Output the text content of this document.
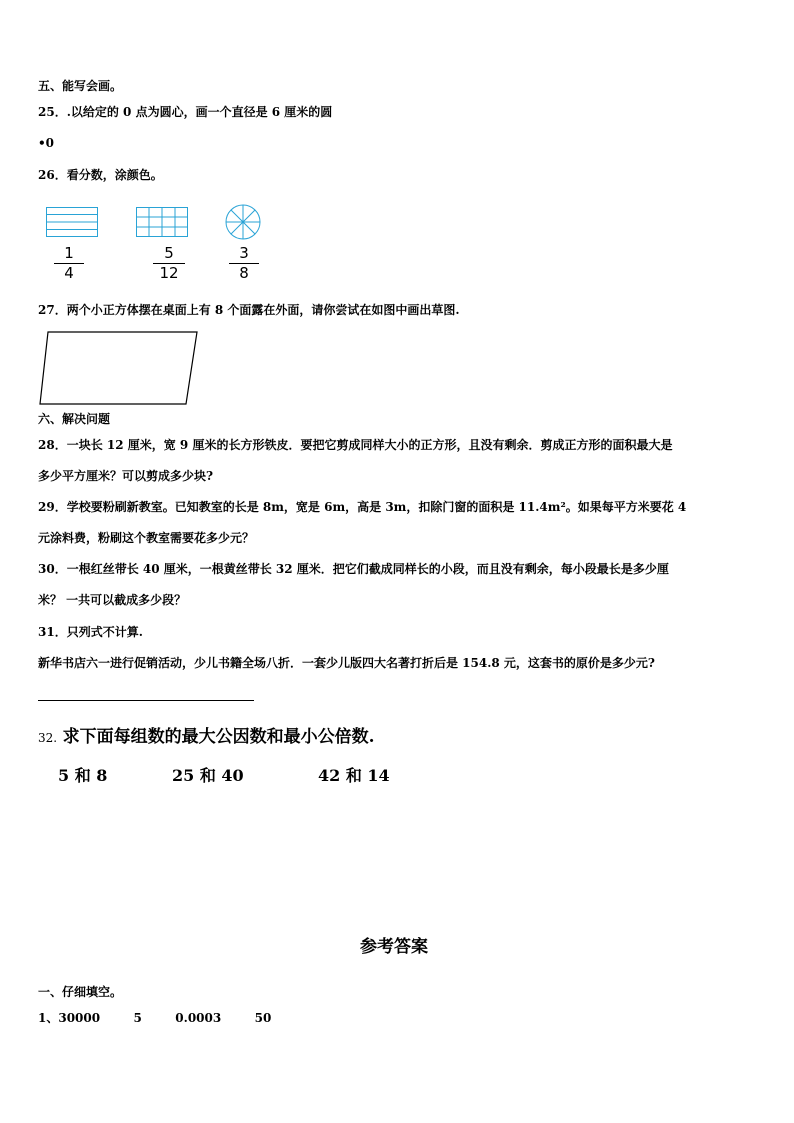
五、能写会画。
25．.以给定的 0 点为圆心，画一个直径是 6 厘米的圆
•0
26．看分数，涂颜色。
1
4
5
12
3
8
27．两个小正方体摆在桌面上有 8 个面露在外面，请你尝试在如图中画出草图.
六、解决问题
28．一块长 12 厘米，宽 9 厘米的长方形铁皮．要把它剪成同样大小的正方形，且没有剩余．剪成正方形的面积最大是
多少平方厘米？可以剪成多少块?
29．学校要粉刷新教室。已知教室的长是 8m，宽是 6m，高是 3m，扣除门窗的面积是 11.4m²。如果每平方米要花 4
元涂料费，粉刷这个教室需要花多少元？
30．一根红丝带长 40 厘米，一根黄丝带长 32 厘米．把它们截成同样长的小段，而且没有剩余，每小段最长是多少厘
米？ 一共可以截成多少段？
31．只列式不计算.
新华书店六一进行促销活动，少儿书籍全场八折．一套少儿版四大名著打折后是 154.8 元，这套书的原价是多少元?
32. 求下面每组数的最大公因数和最小公倍数.
5 和 8	25 和 40	42 和 14
参考答案
一、仔细填空。
1、30000        5        0.0003        50
